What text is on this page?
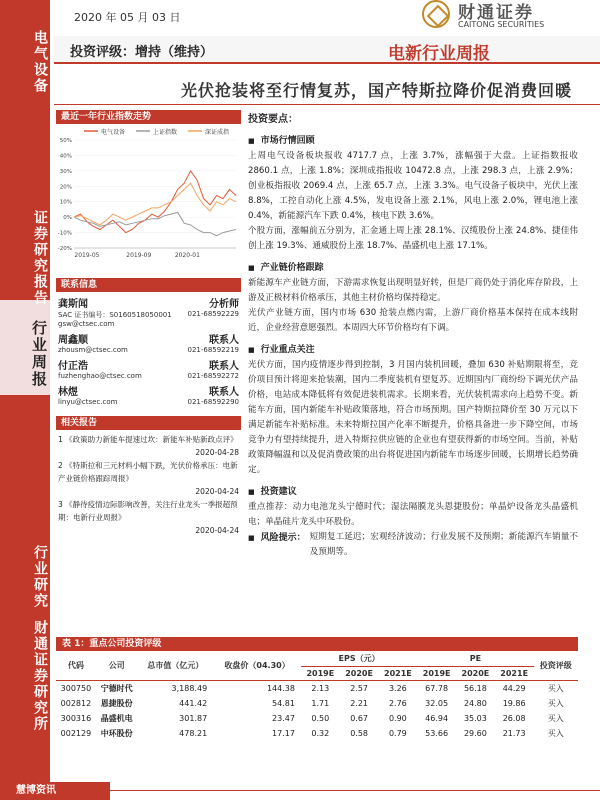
电气设备
证券研究报告
行业周报
行业研究
财通证券研究所
2020 年 05 月 03 日	财通证券
CAITONG SECURITIES
投资评级：增持（维持）	电新行业周报
光伏抢装将至行情复苏，国产特斯拉降价促消费回暖
最近一年行业指数走势
电气设备	上证指数	深证成指
-20%
-10%
0%
10%
20%
30%
40%
50%
2019-05	2019-09	2020-01
联系信息
龚斯闻	分析师
SAC 证书编号：S0160518050001 021-68592229
gsw@ctsec.com
周鑫顺	联系人
zhousm@ctsec.com	021-68592219
付正浩	联系人
fuzhenghao@ctsec.com	021-68592272
林煜	联系人
linyu@ctsec.com	021-68592290
相关报告
1 《政策助力新能车提速过坎：新能车补贴新政点评》
2020-04-28
2 《特斯拉和三元材料小幅下跌，光伏价格承压：电新产业链价格跟踪周报》
2020-04-24
3 《静待疫情边际影响改善，关注行业龙头一季报超预期：电新行业周报》
2020-04-24
投资要点：
■ 市场行情回顾

上周电气设备板块报收 4717.7 点，上涨 3.7%，涨幅强于大盘。上证指数报收 2860.1 点，上涨 1.8%；深圳成指报收 10472.8 点，上涨 298.3 点，上涨 2.9%；创业板指报收 2069.4 点，上涨 65.7 点，上涨 3.3%。电气设备子板块中，光伏上涨 8.8%，工控自动化上涨 4.5%，发电设备上涨 2.1%，风电上涨 2.0%，锂电池上涨 0.4%，新能源汽车下跌 0.4%，核电下跌 3.6%。

个股方面，涨幅前五分别为，汇金通上周上涨 28.1%、汉缆股份上涨 24.8%、捷佳伟创上涨 19.3%、通威股份上涨 18.7%、晶盛机电上涨 17.1%。

■ 产业链价格跟踪

新能源车产业链方面，下游需求恢复出现明显好转，但是厂商仍处于消化库存阶段，上游及正极材料价格承压，其他主材价格均保持稳定。

光伏产业链方面，国内市场 630 抢装点燃内需，上游厂商价格基本保持在成本线附近，企业经营意愿强烈。本周四大环节价格均有下调。

■ 行业重点关注

光伏方面，国内疫情逐步得到控制，3 月国内装机回暖，叠加 630 补贴期限将至，竞价项目预计将迎来抢装潮，国内二季度装机有望复苏。近期国内厂商纷纷下调光伏产品价格，电站成本降低将有效促进装机需求。长期来看，光伏装机需求向上趋势不变。新能车方面，国内新能车补贴政策落地，符合市场预期。国产特斯拉降价至 30 万元以下满足新能车补贴标准。未来特斯拉国产化率不断提升，价格具备进一步下降空间，市场竞争力有望持续提升，进入特斯拉供应链的企业也有望获得新的市场空间。当前，补贴政策降幅温和以及促消费政策的出台将促进国内新能车市场逐步回暖，长期增长趋势确定。

■ 投资建议

重点推荐：动力电池龙头宁德时代；湿法隔膜龙头恩捷股份；单晶炉设备龙头晶盛机电；单晶硅片龙头中环股份。

■ 风险提示： 短期复工延迟；宏观经济波动；行业发展不及预期；新能源汽车销量不及预期等。

表 1：重点公司投资评级
代码	公司	总市值（亿元）	收盘价（04.30）	EPS（元）			PE			投资评级
				2019E	2020E	2021E	2019E	2020E	2021E	
300750	宁德时代	3,188.49	144.38	2.13	2.57	3.26	67.78	56.18	44.29	买入
002812	恩捷股份	441.42	54.81	1.71	2.21	2.76	32.05	24.80	19.86	买入
300316	晶盛机电	301.87	23.47	0.50	0.67	0.90	46.94	35.03	26.08	买入
002129	中环股份	478.21	17.17	0.32	0.58	0.79	53.66	29.60	21.73	买入
慧博资讯
